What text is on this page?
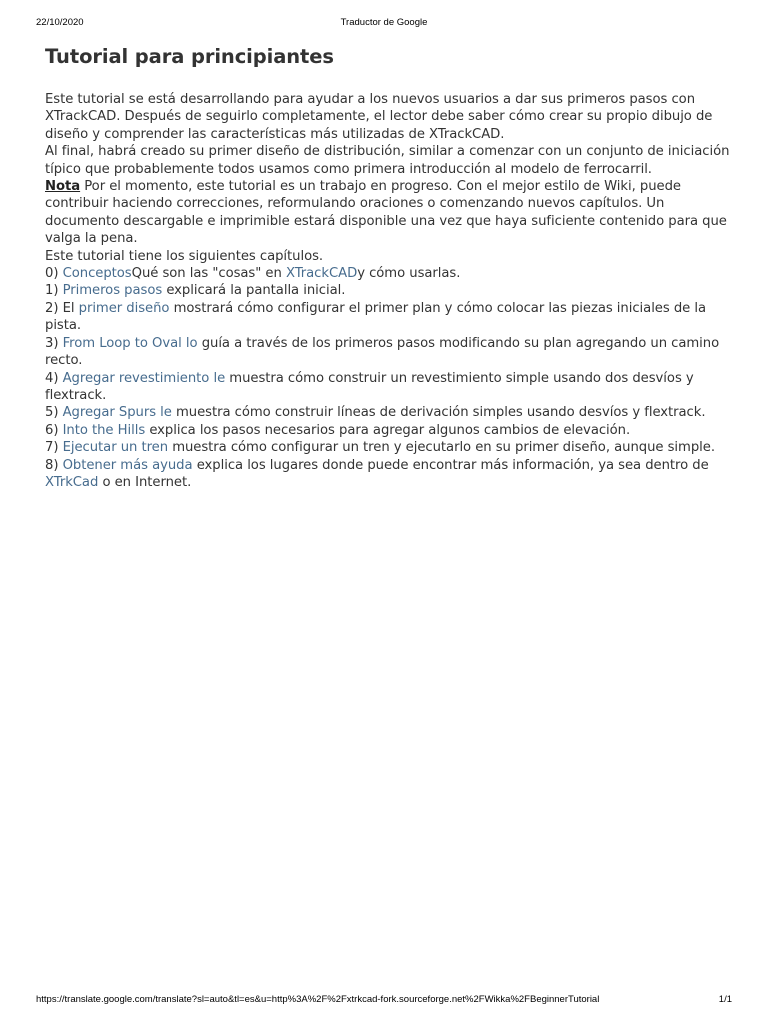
22/10/2020	Traductor de Google
Tutorial para principiantes

Este tutorial se está desarrollando para ayudar a los nuevos usuarios a dar sus primeros pasos con XTrackCAD. Después de seguirlo completamente, el lector debe saber cómo crear su propio dibujo de diseño y comprender las características más utilizadas de XTrackCAD.

Al final, habrá creado su primer diseño de distribución, similar a comenzar con un conjunto de iniciación típico que probablemente todos usamos como primera introducción al modelo de ferrocarril.

Nota Por el momento, este tutorial es un trabajo en progreso. Con el mejor estilo de Wiki, puede contribuir haciendo correcciones, reformulando oraciones o comenzando nuevos capítulos. Un documento descargable e imprimible estará disponible una vez que haya suficiente contenido para que valga la pena.

Este tutorial tiene los siguientes capítulos.

0) ConceptosQué son las "cosas" en XTrackCADy cómo usarlas.

1) Primeros pasos explicará la pantalla inicial.

2) El primer diseño mostrará cómo configurar el primer plan y cómo colocar las piezas iniciales de la pista.

3) From Loop to Oval lo guía a través de los primeros pasos modificando su plan agregando un camino recto.

4) Agregar revestimiento le muestra cómo construir un revestimiento simple usando dos desvíos y flextrack.

5) Agregar Spurs le muestra cómo construir líneas de derivación simples usando desvíos y flextrack.

6) Into the Hills explica los pasos necesarios para agregar algunos cambios de elevación.

7) Ejecutar un tren muestra cómo configurar un tren y ejecutarlo en su primer diseño, aunque simple.

8) Obtener más ayuda explica los lugares donde puede encontrar más información, ya sea dentro de XTrkCad o en Internet.

https://translate.google.com/translate?sl=auto&tl=es&u=http%3A%2F%2Fxtrkcad-fork.sourceforge.net%2FWikka%2FBeginnerTutorial	1/1
